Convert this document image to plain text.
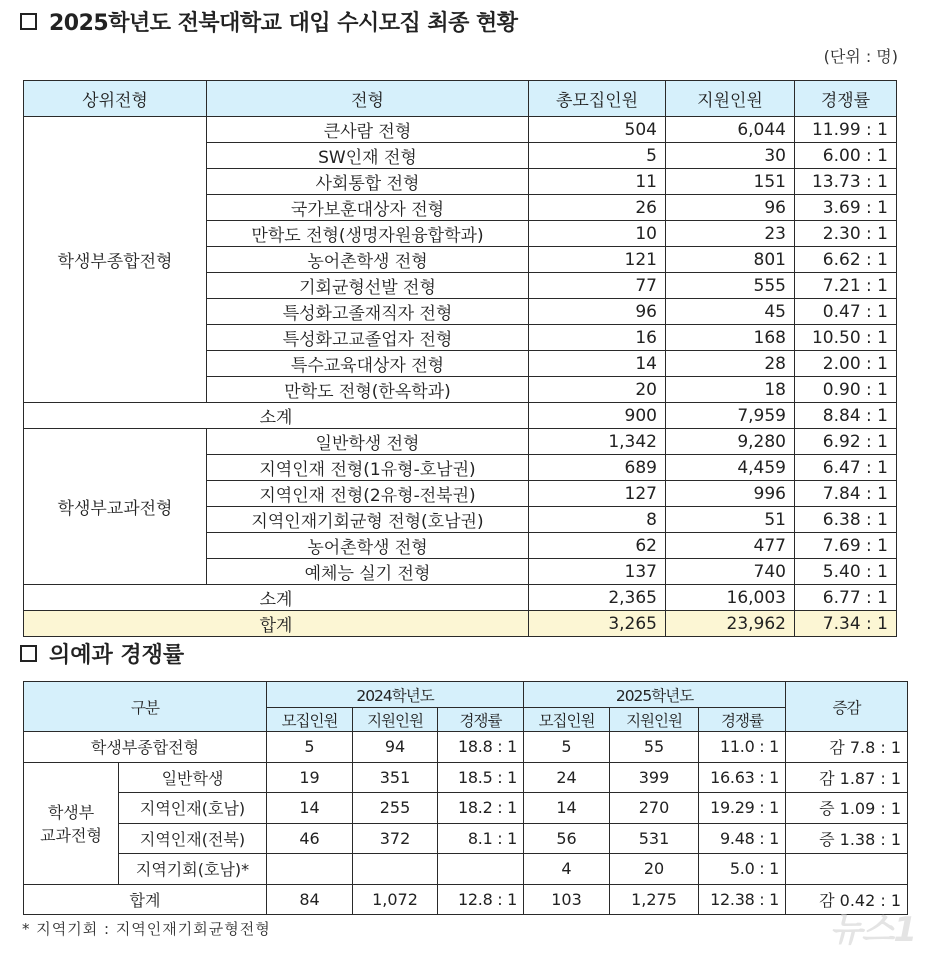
2025학년도 전북대학교 대입 수시모집 최종 현황
(단위 : 명)
상위전형	전형	총모집인원	지원인원	경쟁률
학생부종합전형	큰사람 전형	504	6,044	11.99 : 1
	SW인재 전형	5	30	6.00 : 1
	사회통합 전형	11	151	13.73 : 1
	국가보훈대상자 전형	26	96	3.69 : 1
	만학도 전형(생명자원융합학과)	10	23	2.30 : 1
	농어촌학생 전형	121	801	6.62 : 1
	기회균형선발 전형	77	555	7.21 : 1
	특성화고졸재직자 전형	96	45	0.47 : 1
	특성화고교졸업자 전형	16	168	10.50 : 1
	특수교육대상자 전형	14	28	2.00 : 1
	만학도 전형(한옥학과)	20	18	0.90 : 1
소계		900	7,959	8.84 : 1
학생부교과전형	일반학생 전형	1,342	9,280	6.92 : 1
	지역인재 전형(1유형-호남권)	689	4,459	6.47 : 1
	지역인재 전형(2유형-전북권)	127	996	7.84 : 1
	지역인재기회균형 전형(호남권)	8	51	6.38 : 1
	농어촌학생 전형	62	477	7.69 : 1
	예체능 실기 전형	137	740	5.40 : 1
소계		2,365	16,003	6.77 : 1
합계		3,265	23,962	7.34 : 1
의예과 경쟁률
구분		2024학년도			2025학년도			증감
		모집인원	지원인원	경쟁률	모집인원	지원인원	경쟁률	
학생부종합전형		5	94	18.8 : 1	5	55	11.0 : 1	감 7.8 : 1
학생부
교과전형	일반학생	19	351	18.5 : 1	24	399	16.63 : 1	감 1.87 : 1
	지역인재(호남)	14	255	18.2 : 1	14	270	19.29 : 1	증 1.09 : 1
	지역인재(전북)	46	372	8.1 : 1	56	531	9.48 : 1	증 1.38 : 1
	지역기회(호남)*				4	20	5.0 : 1	
합계		84	1,072	12.8 : 1	103	1,275	12.38 : 1	감 0.42 : 1
* 지역기회 : 지역인재기회균형전형	뉴스1
